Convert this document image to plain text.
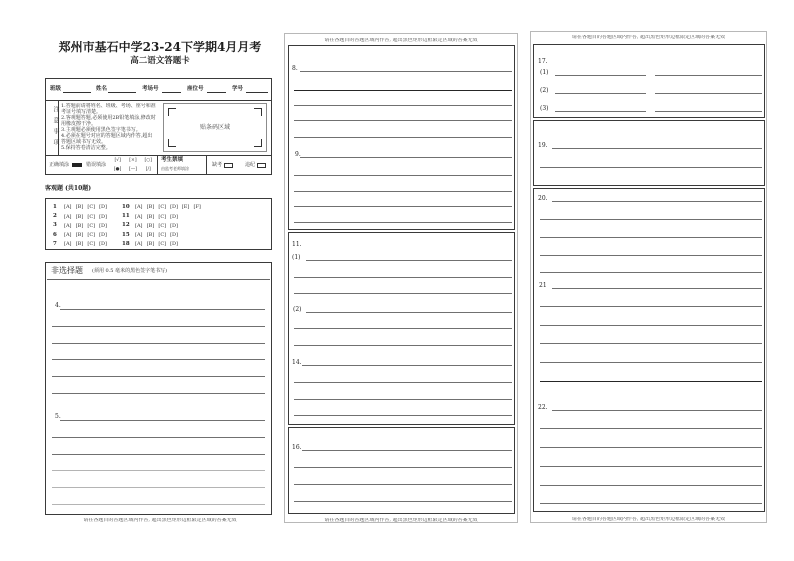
郑州市基石中学23-24下学期4月月考
高二语文答题卡
注意事项 1.答题前请将姓名、班级、考场、座号和准考证号填写清楚。
2.客观题答题,必须使用2B铅笔填涂,修改时用橡皮擦干净。
3.主观题必须使用黑色签字笔书写。
4.必须在题号对应的答题区域内作答,超出答题区域书写无效。
5.保持答卷清洁完整。
贴条码区域
正确填涂	错误填涂
[√]	[×]	[○]
[●]	[—]	[∕]
考生禁填
由监考老师填涂
缺考	违纪
客观题 (共10题)
1 [A] [B] [C] [D]
2 [A] [B] [C] [D]
3 [A] [B] [C] [D]
6 [A] [B] [C] [D]
7 [A] [B] [C] [D]
10 [A] [B] [C] [D] [E] [F]
11 [A] [B] [C] [D]
12 [A] [B] [C] [D]
15 [A] [B] [C] [D]
18 [A] [B] [C] [D]
非选择题 (须用 0.5 毫米的黑色签字笔书写)
4.
5.
请在各题目的答题区域内作答, 超出黑色矩形边框限定区域的答案无效
请在各题目的答题区域内作答, 超出黑色矩形边框限定区域的答案无效
8.
9.
11.
(1)
(2)
14.
16.
请在各题目的答题区域内作答, 超出黑色矩形边框限定区域的答案无效
请在各题目的答题区域内作答, 超出黑色矩形边框限定区域的答案无效
17.
(1)
(2)
(3)
19.
20.
21
22.
请在各题目的答题区域内作答, 超出黑色矩形边框限定区域的答案无效
班级	姓名	考场号	座位号	学号
